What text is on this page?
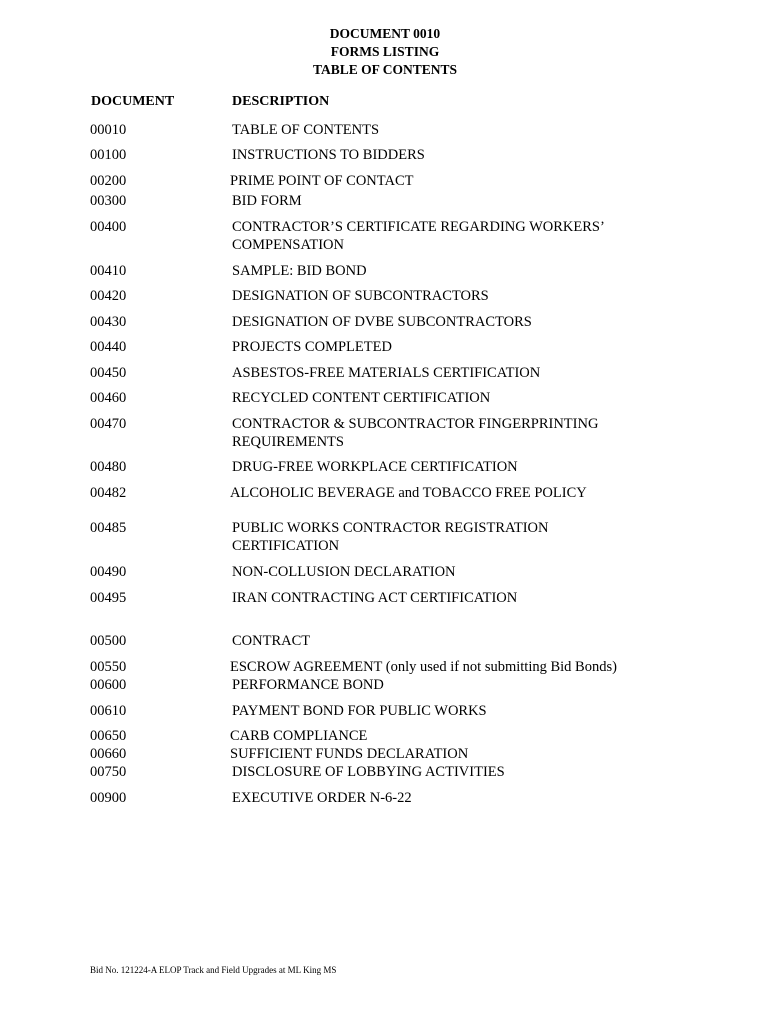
DOCUMENT 0010
FORMS LISTING
TABLE OF CONTENTS
DOCUMENT	DESCRIPTION
00010	TABLE OF CONTENTS
00100	INSTRUCTIONS TO BIDDERS
00200	PRIME POINT OF CONTACT
00300	BID FORM
00400	CONTRACTOR’S CERTIFICATE REGARDING WORKERS’
COMPENSATION
00410	SAMPLE: BID BOND
00420	DESIGNATION OF SUBCONTRACTORS
00430	DESIGNATION OF DVBE SUBCONTRACTORS
00440	PROJECTS COMPLETED
00450	ASBESTOS-FREE MATERIALS CERTIFICATION
00460	RECYCLED CONTENT CERTIFICATION
00470	CONTRACTOR & SUBCONTRACTOR FINGERPRINTING
REQUIREMENTS
00480	DRUG-FREE WORKPLACE CERTIFICATION
00482	ALCOHOLIC BEVERAGE and TOBACCO FREE POLICY
00485	PUBLIC WORKS CONTRACTOR REGISTRATION
CERTIFICATION
00490	NON-COLLUSION DECLARATION
00495	IRAN CONTRACTING ACT CERTIFICATION
00500	CONTRACT
00550	ESCROW AGREEMENT (only used if not submitting Bid Bonds)
00600	PERFORMANCE BOND
00610	PAYMENT BOND FOR PUBLIC WORKS
00650	CARB COMPLIANCE
00660	SUFFICIENT FUNDS DECLARATION
00750	DISCLOSURE OF LOBBYING ACTIVITIES
00900	EXECUTIVE ORDER N-6-22
Bid No. 121224-A ELOP Track and Field Upgrades at ML King MS
